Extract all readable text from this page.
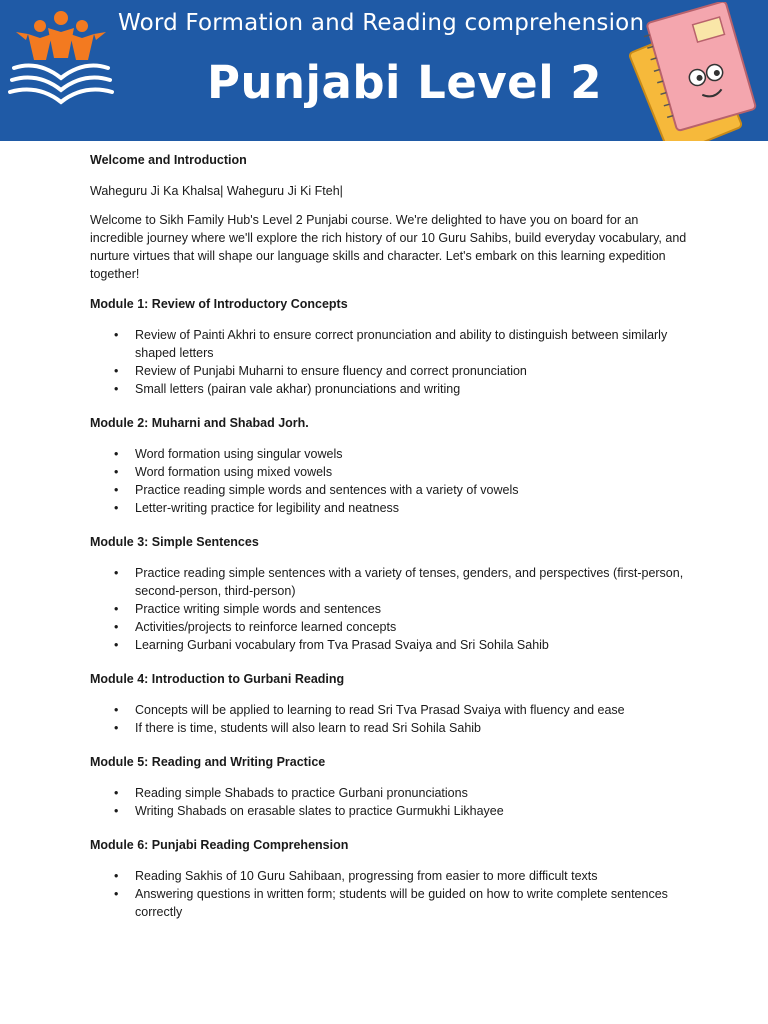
Word Formation and Reading comprehension
Punjabi Level 2
Welcome and Introduction
Waheguru Ji Ka Khalsa| Waheguru Ji Ki Fteh|
Welcome to Sikh Family Hub's Level 2 Punjabi course. We're delighted to have you on board for an incredible journey where we'll explore the rich history of our 10 Guru Sahibs, build everyday vocabulary, and nurture virtues that will shape our language skills and character. Let's embark on this learning expedition together!
Module 1: Review of Introductory Concepts
• Review of Painti Akhri to ensure correct pronunciation and ability to distinguish between similarly shaped letters
• Review of Punjabi Muharni to ensure fluency and correct pronunciation
• Small letters (pairan vale akhar) pronunciations and writing
Module 2: Muharni and Shabad Jorh.
• Word formation using singular vowels
• Word formation using mixed vowels
• Practice reading simple words and sentences with a variety of vowels
• Letter-writing practice for legibility and neatness
Module 3: Simple Sentences
• Practice reading simple sentences with a variety of tenses, genders, and perspectives (first-person, second-person, third-person)
• Practice writing simple words and sentences
• Activities/projects to reinforce learned concepts
• Learning Gurbani vocabulary from Tva Prasad Svaiya and Sri Sohila Sahib
Module 4: Introduction to Gurbani Reading
• Concepts will be applied to learning to read Sri Tva Prasad Svaiya with fluency and ease
• If there is time, students will also learn to read Sri Sohila Sahib
Module 5: Reading and Writing Practice
• Reading simple Shabads to practice Gurbani pronunciations
• Writing Shabads on erasable slates to practice Gurmukhi Likhayee
Module 6: Punjabi Reading Comprehension
• Reading Sakhis of 10 Guru Sahibaan, progressing from easier to more difficult texts
• Answering questions in written form; students will be guided on how to write complete sentences correctly
